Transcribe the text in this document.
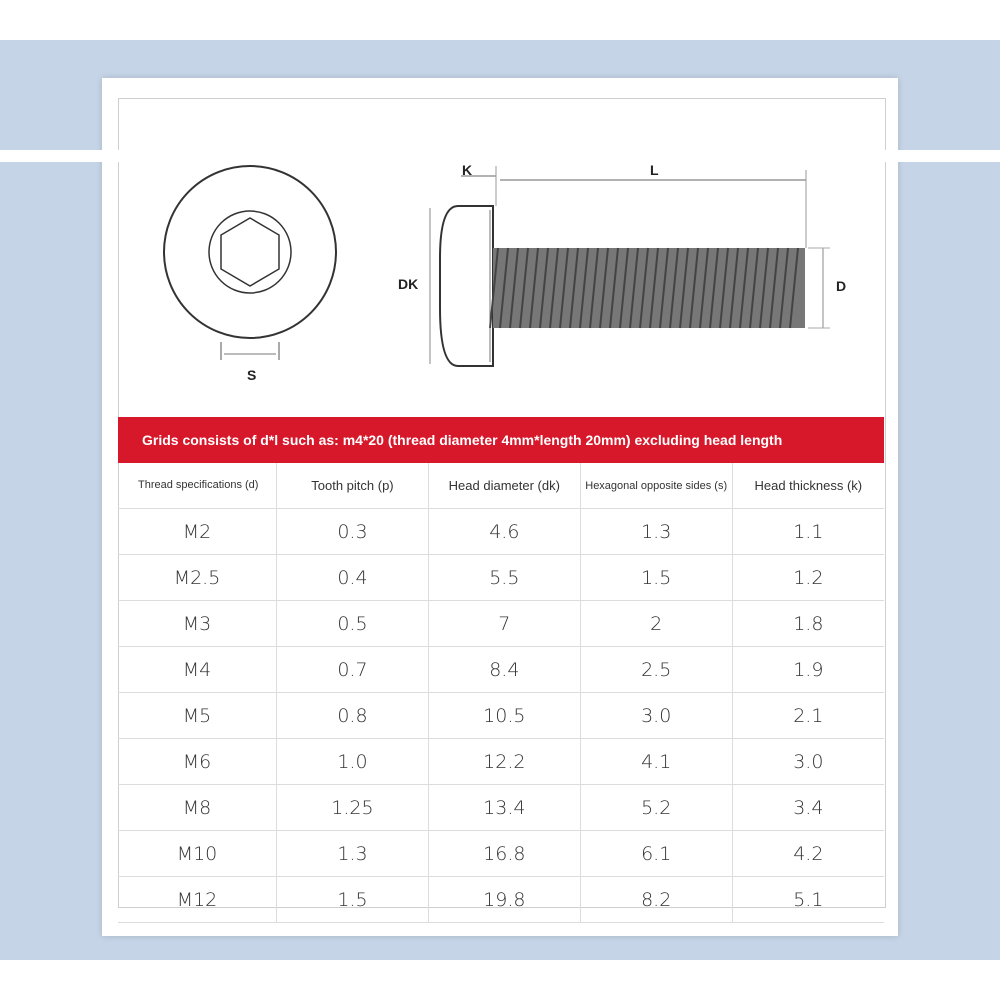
K	L
DK	D
S
Grids consists of d*l such as: m4*20 (thread diameter 4mm*length 20mm) excluding head length
Thread specifications (d)	Tooth pitch (p)	Head diameter (dk)	Hexagonal opposite sides (s)	Head thickness (k)
M2	0.3	4.6	1.3	1.1
M2.5	0.4	5.5	1.5	1.2
M3	0.5	7	2	1.8
M4	0.7	8.4	2.5	1.9
M5	0.8	10.5	3.0	2.1
M6	1.0	12.2	4.1	3.0
M8	1.25	13.4	5.2	3.4
M10	1.3	16.8	6.1	4.2
M12	1.5	19.8	8.2	5.1
